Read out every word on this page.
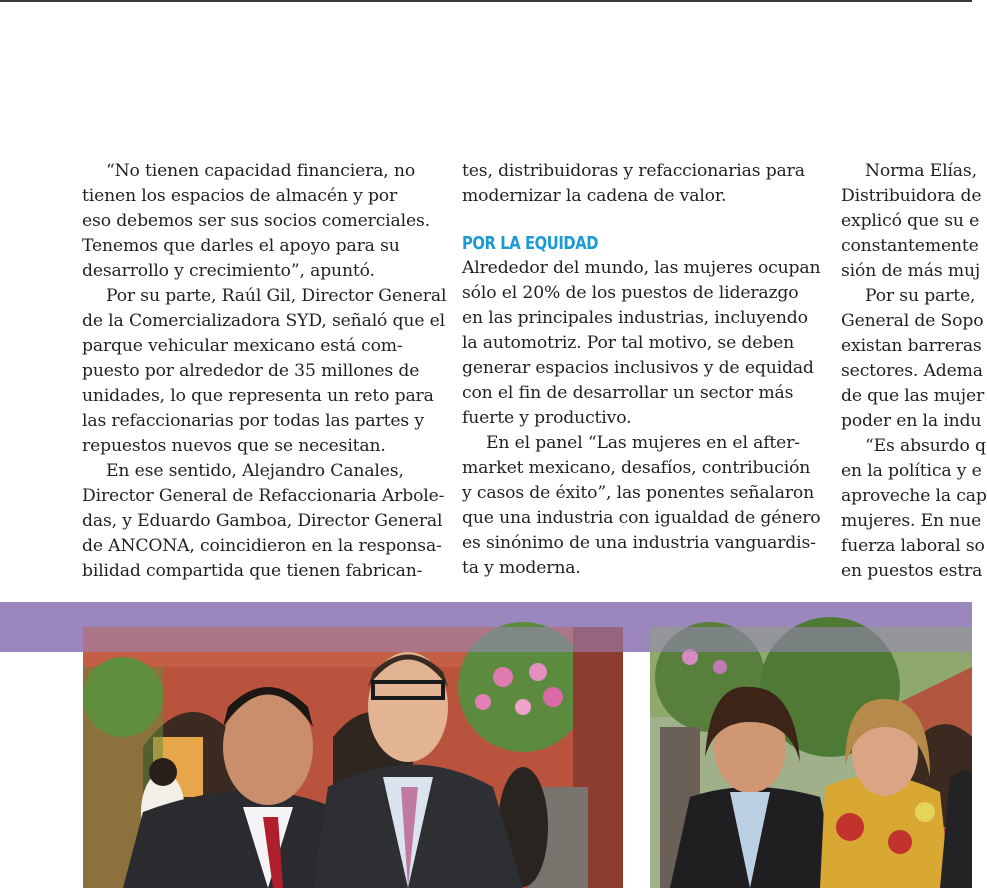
“No tienen capacidad financiera, no

tienen los espacios de almacén y por

eso debemos ser sus socios comerciales.

Tenemos que darles el apoyo para su

desarrollo y crecimiento”, apuntó.

Por su parte, Raúl Gil, Director General

de la Comercializadora SYD, señaló que el

parque vehicular mexicano está com-

puesto por alrededor de 35 millones de

unidades, lo que representa un reto para

las refaccionarias por todas las partes y

repuestos nuevos que se necesitan.

En ese sentido, Alejandro Canales,

Director General de Refaccionaria Arbole-

das, y Eduardo Gamboa, Director General

de ANCONA, coincidieron en la responsa-

bilidad compartida que tienen fabrican-

tes, distribuidoras y refaccionarias para

modernizar la cadena de valor.

POR LA EQUIDAD

Alrededor del mundo, las mujeres ocupan

sólo el 20% de los puestos de liderazgo

en las principales industrias, incluyendo

la automotriz. Por tal motivo, se deben

generar espacios inclusivos y de equidad

con el fin de desarrollar un sector más

fuerte y productivo.

En el panel “Las mujeres en el after-

market mexicano, desafíos, contribución

y casos de éxito”, las ponentes señalaron

que una industria con igualdad de género

es sinónimo de una industria vanguardis-

ta y moderna.

Norma Elías,

Distribuidora de

explicó que su e

constantemente

sión de más muj

Por su parte,

General de Sopo

existan barreras

sectores. Adema

de que las mujer

poder en la indu

“Es absurdo q

en la política y e

aproveche la cap

mujeres. En nue

fuerza laboral so

en puestos estra
